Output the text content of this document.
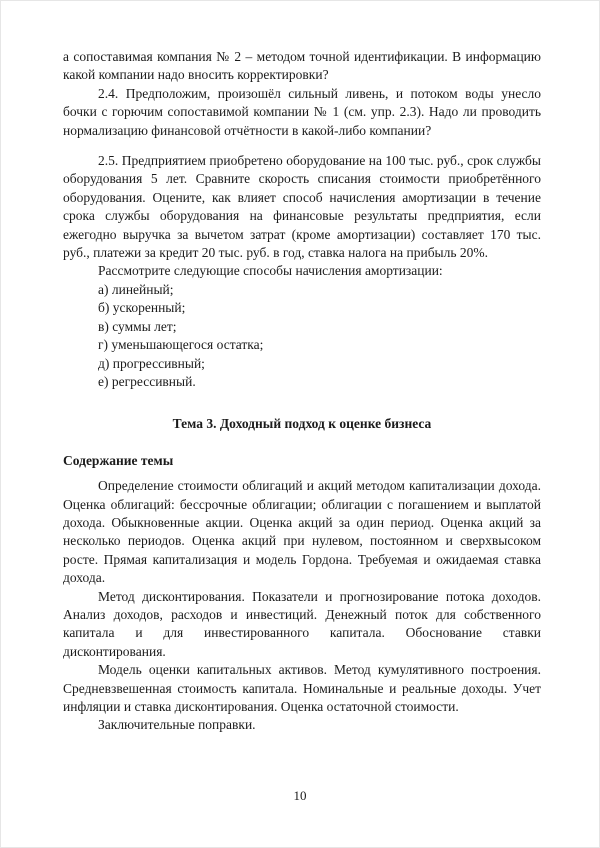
а сопоставимая компания № 2 – методом точной идентификации. В информацию какой компании надо вносить корректировки?

2.4. Предположим, произошёл сильный ливень, и потоком воды унесло бочки с горючим сопоставимой компании № 1 (см. упр. 2.3). Надо ли проводить нормализацию финансовой отчётности в какой-либо компании?

2.5. Предприятием приобретено оборудование на 100 тыс. руб., срок службы оборудования 5 лет. Сравните скорость списания стоимости приобретённого оборудования. Оцените, как влияет способ начисления амортизации в течение срока службы оборудования на финансовые результаты предприятия, если ежегодно выручка за вычетом затрат (кроме амортизации) составляет 170 тыс. руб., платежи за кредит 20 тыс. руб. в год, ставка налога на прибыль 20%.

Рассмотрите следующие способы начисления амортизации:

а) линейный;

б) ускоренный;

в) суммы лет;

г) уменьшающегося остатка;

д) прогрессивный;

е) регрессивный.

Тема 3. Доходный подход к оценке бизнеса
Содержание темы

Определение стоимости облигаций и акций методом капитализации дохода. Оценка облигаций: бессрочные облигации; облигации с погашением и выплатой дохода. Обыкновенные акции. Оценка акций за один период. Оценка акций за несколько периодов. Оценка акций при нулевом, постоянном и сверхвысоком росте. Прямая капитализация и модель Гордона. Требуемая и ожидаемая ставка дохода.

Метод дисконтирования. Показатели и прогнозирование потока доходов. Анализ доходов, расходов и инвестиций. Денежный поток для собственного капитала и для инвестированного капитала. Обоснование ставки дисконтирования.

Модель оценки капитальных активов. Метод кумулятивного построения. Средневзвешенная стоимость капитала. Номинальные и реальные доходы. Учет инфляции и ставка дисконтирования. Оценка остаточной стоимости.

Заключительные поправки.

10
